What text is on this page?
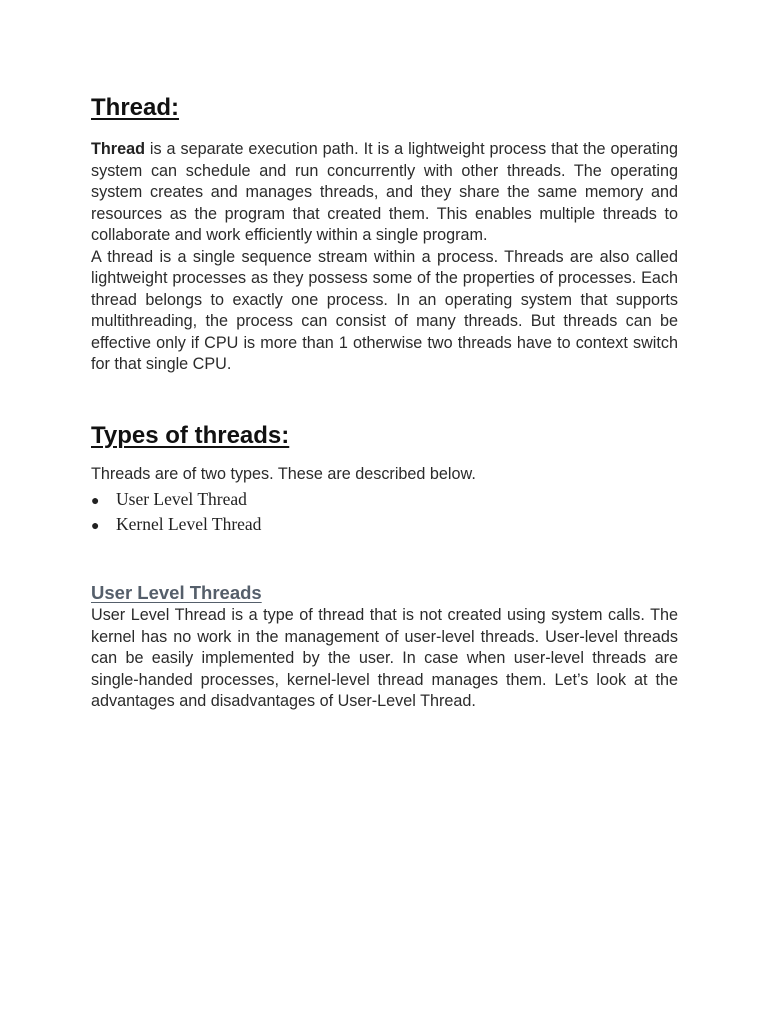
Thread:

Thread is a separate execution path. It is a lightweight process that the operating system can schedule and run concurrently with other threads. The operating system creates and manages threads, and they share the same memory and resources as the program that created them. This enables multiple threads to collaborate and work efficiently within a single program.

A thread is a single sequence stream within a process. Threads are also called lightweight processes as they possess some of the properties of processes. Each thread belongs to exactly one process. In an operating system that supports multithreading, the process can consist of many threads. But threads can be effective only if CPU is more than 1 otherwise two threads have to context switch for that single CPU.

Types of threads:

Threads are of two types. These are described below.

● User Level Thread
● Kernel Level Thread
User Level Threads

User Level Thread is a type of thread that is not created using system calls. The kernel has no work in the management of user-level threads. User-level threads can be easily implemented by the user. In case when user-level threads are single-handed processes, kernel-level thread manages them. Let’s look at the advantages and disadvantages of User-Level Thread.
